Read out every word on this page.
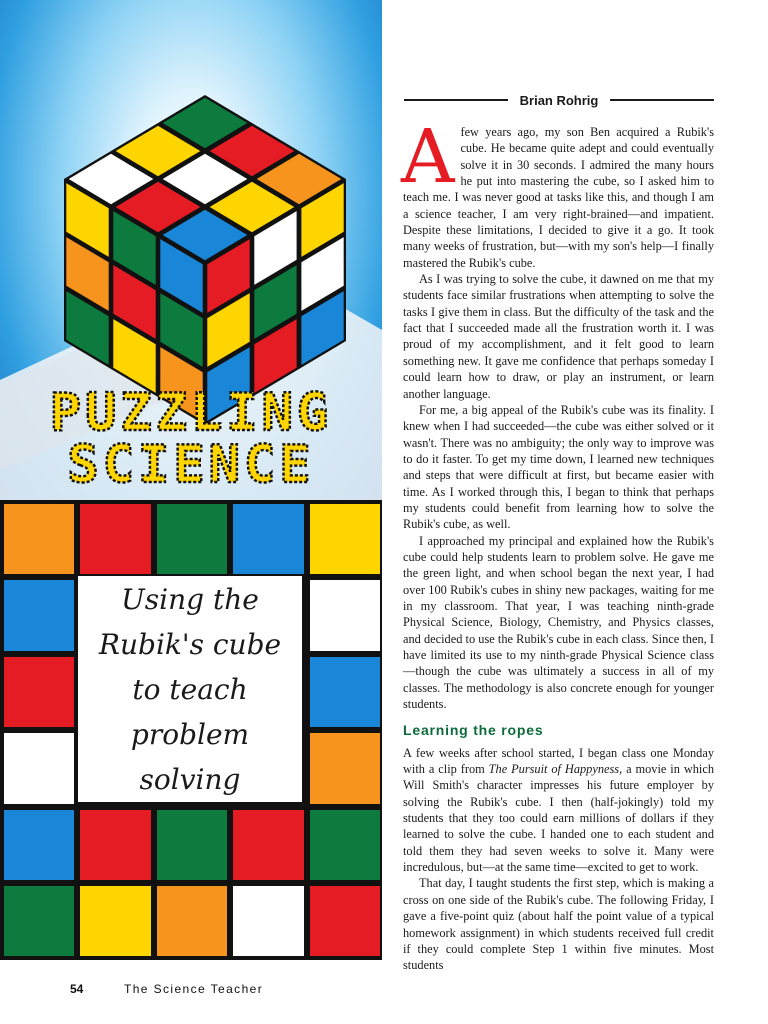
PUZZLING
SCIENCE

Using the
Rubik's cube
to teach
problem solving

Brian Rohrig

Afew years ago, my son Ben acquired a Rubik's cube. He became quite adept and could eventually solve it in 30 seconds. I admired the many hours he put into mastering the cube, so I asked him to teach me. I was never good at tasks like this, and though I am a science teacher, I am very right-brained—and impatient. Despite these limitations, I decided to give it a go. It took many weeks of frustration, but—with my son's help—I finally mastered the Rubik's cube.

As I was trying to solve the cube, it dawned on me that my students face similar frustrations when attempting to solve the tasks I give them in class. But the difficulty of the task and the fact that I succeeded made all the frustration worth it. I was proud of my accomplishment, and it felt good to learn something new. It gave me confidence that perhaps someday I could learn how to draw, or play an instrument, or learn another language.

For me, a big appeal of the Rubik's cube was its finality. I knew when I had succeeded—the cube was either solved or it wasn't. There was no ambiguity; the only way to improve was to do it faster. To get my time down, I learned new techniques and steps that were difficult at first, but became easier with time. As I worked through this, I began to think that perhaps my students could benefit from learning how to solve the Rubik's cube, as well.

I approached my principal and explained how the Rubik's cube could help students learn to problem solve. He gave me the green light, and when school began the next year, I had over 100 Rubik's cubes in shiny new packages, waiting for me in my classroom. That year, I was teaching ninth-grade Physical Science, Biology, Chemistry, and Physics classes, and decided to use the Rubik's cube in each class. Since then, I have limited its use to my ninth-grade Physical Science class—though the cube was ultimately a success in all of my classes. The methodology is also concrete enough for younger students.

Learning the ropes

A few weeks after school started, I began class one Monday with a clip from The Pursuit of Happyness, a movie in which Will Smith's character impresses his future employer by solving the Rubik's cube. I then (half-jokingly) told my students that they too could earn millions of dollars if they learned to solve the cube. I handed one to each student and told them they had seven weeks to solve it. Many were incredulous, but—at the same time—excited to get to work.

That day, I taught students the first step, which is making a cross on one side of the Rubik's cube. The following Friday, I gave a five-point quiz (about half the point value of a typical homework assignment) in which students received full credit if they could complete Step 1 within five minutes. Most students

54	The Science Teacher
